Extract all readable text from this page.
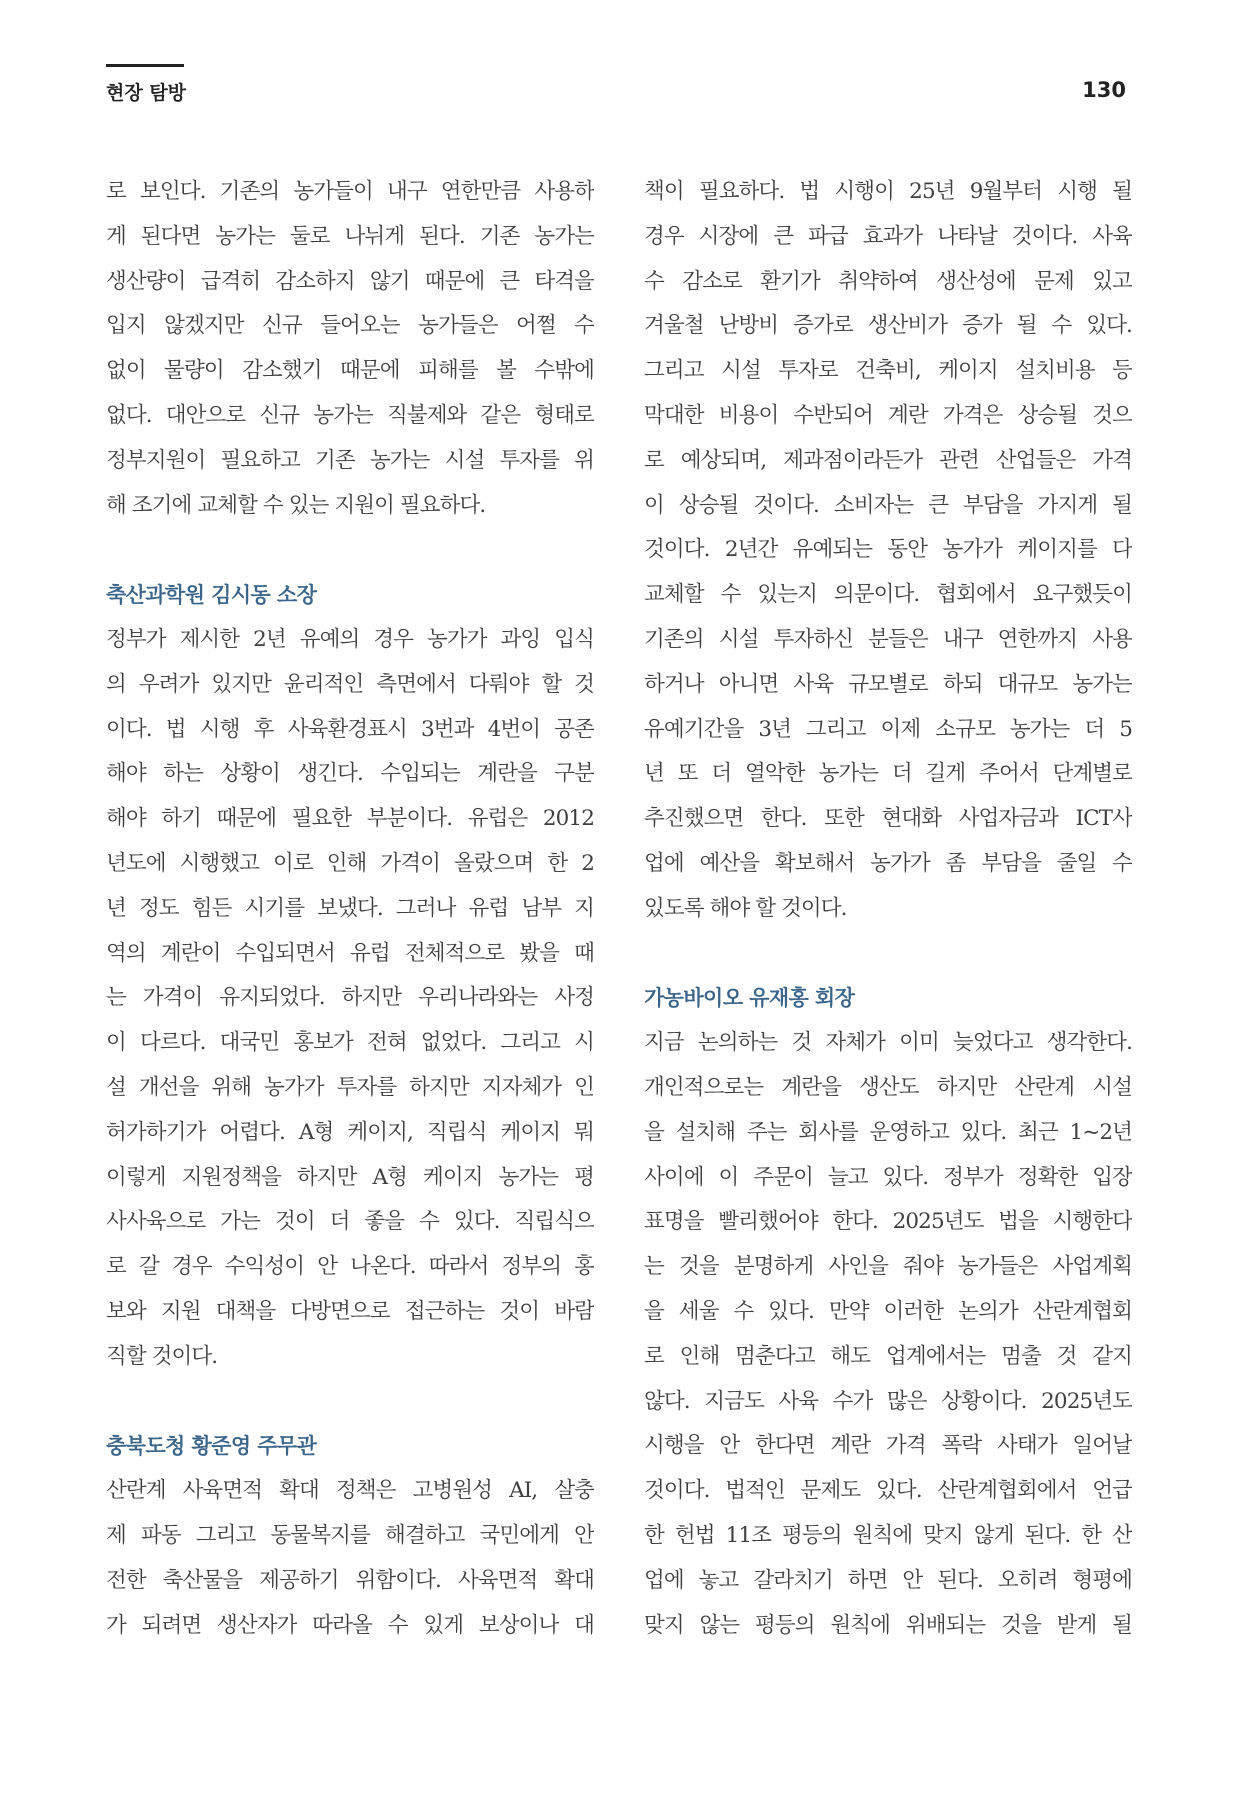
현장 탐방	130
로 보인다. 기존의 농가들이 내구 연한만큼 사용하
게 된다면 농가는 둘로 나뉘게 된다. 기존 농가는
생산량이 급격히 감소하지 않기 때문에 큰 타격을
입지 않겠지만 신규 들어오는 농가들은 어쩔 수
없이 물량이 감소했기 때문에 피해를 볼 수밖에
없다. 대안으로 신규 농가는 직불제와 같은 형태로
정부지원이 필요하고 기존 농가는 시설 투자를 위
해 조기에 교체할 수 있는 지원이 필요하다.
축산과학원 김시동 소장
정부가 제시한 2년 유예의 경우 농가가 과잉 입식
의 우려가 있지만 윤리적인 측면에서 다뤄야 할 것
이다. 법 시행 후 사육환경표시 3번과 4번이 공존
해야 하는 상황이 생긴다. 수입되는 계란을 구분
해야 하기 때문에 필요한 부분이다. 유럽은 2012
년도에 시행했고 이로 인해 가격이 올랐으며 한 2
년 정도 힘든 시기를 보냈다. 그러나 유럽 남부 지
역의 계란이 수입되면서 유럽 전체적으로 봤을 때
는 가격이 유지되었다. 하지만 우리나라와는 사정
이 다르다. 대국민 홍보가 전혀 없었다. 그리고 시
설 개선을 위해 농가가 투자를 하지만 지자체가 인
허가하기가 어렵다. A형 케이지, 직립식 케이지 뭐
이렇게 지원정책을 하지만 A형 케이지 농가는 평
사사육으로 가는 것이 더 좋을 수 있다. 직립식으
로 갈 경우 수익성이 안 나온다. 따라서 정부의 홍
보와 지원 대책을 다방면으로 접근하는 것이 바람
직할 것이다.
충북도청 황준영 주무관
산란계 사육면적 확대 정책은 고병원성 AI, 살충
제 파동 그리고 동물복지를 해결하고 국민에게 안
전한 축산물을 제공하기 위함이다. 사육면적 확대
가 되려면 생산자가 따라올 수 있게 보상이나 대
책이 필요하다. 법 시행이 25년 9월부터 시행 될
경우 시장에 큰 파급 효과가 나타날 것이다. 사육
수 감소로 환기가 취약하여 생산성에 문제 있고
겨울철 난방비 증가로 생산비가 증가 될 수 있다.
그리고 시설 투자로 건축비, 케이지 설치비용 등
막대한 비용이 수반되어 계란 가격은 상승될 것으
로 예상되며, 제과점이라든가 관련 산업들은 가격
이 상승될 것이다. 소비자는 큰 부담을 가지게 될
것이다. 2년간 유예되는 동안 농가가 케이지를 다
교체할 수 있는지 의문이다. 협회에서 요구했듯이
기존의 시설 투자하신 분들은 내구 연한까지 사용
하거나 아니면 사육 규모별로 하되 대규모 농가는
유예기간을 3년 그리고 이제 소규모 농가는 더 5
년 또 더 열악한 농가는 더 길게 주어서 단계별로
추진했으면 한다. 또한 현대화 사업자금과 ICT사
업에 예산을 확보해서 농가가 좀 부담을 줄일 수
있도록 해야 할 것이다.
가농바이오 유재홍 회장
지금 논의하는 것 자체가 이미 늦었다고 생각한다.
개인적으로는 계란을 생산도 하지만 산란계 시설
을 설치해 주는 회사를 운영하고 있다. 최근 1~2년
사이에 이 주문이 늘고 있다. 정부가 정확한 입장
표명을 빨리했어야 한다. 2025년도 법을 시행한다
는 것을 분명하게 사인을 줘야 농가들은 사업계획
을 세울 수 있다. 만약 이러한 논의가 산란계협회
로 인해 멈춘다고 해도 업계에서는 멈출 것 같지
않다. 지금도 사육 수가 많은 상황이다. 2025년도
시행을 안 한다면 계란 가격 폭락 사태가 일어날
것이다. 법적인 문제도 있다. 산란계협회에서 언급
한 헌법 11조 평등의 원칙에 맞지 않게 된다. 한 산
업에 놓고 갈라치기 하면 안 된다. 오히려 형평에
맞지 않는 평등의 원칙에 위배되는 것을 받게 될
